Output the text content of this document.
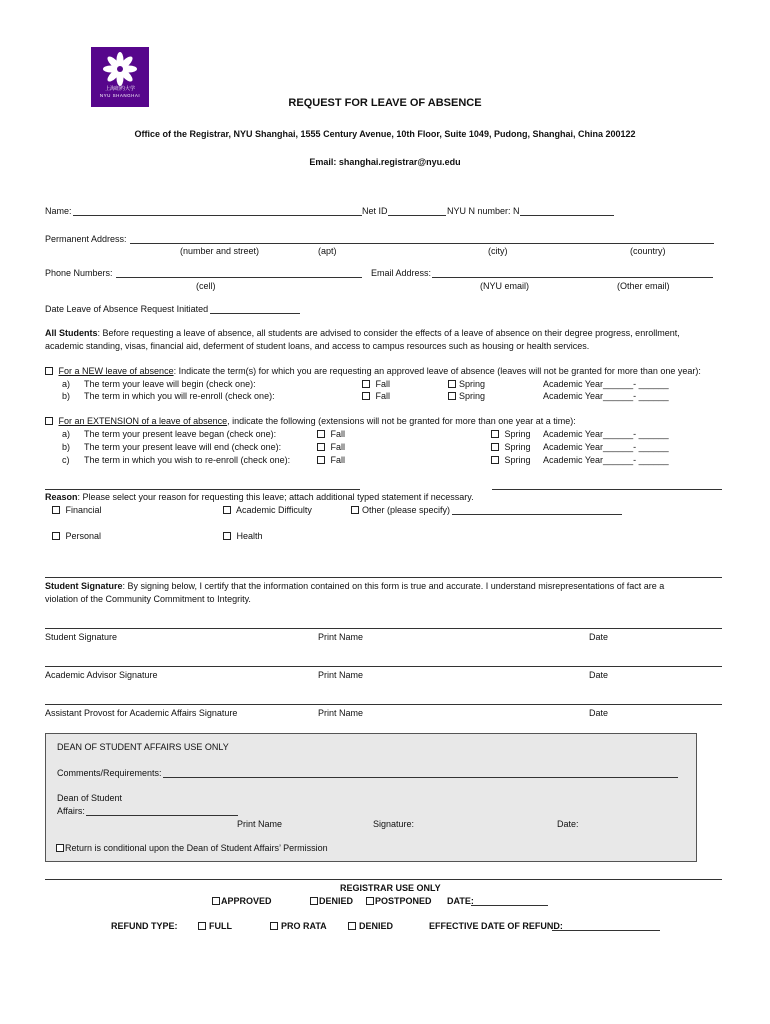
上海纽约大学
NYU SHANGHAI
REQUEST FOR LEAVE OF ABSENCE
Office of the Registrar, NYU Shanghai, 1555 Century Avenue, 10th Floor, Suite 1049, Pudong, Shanghai, China 200122
Email: shanghai.registrar@nyu.edu
Name:	Net ID	NYU N number: N
Permanent Address:
(number and street)	(apt)	(city)	(country)
Phone Numbers:	Email Address:
(cell)	(NYU email)	(Other email)
Date Leave of Absence Request Initiated
All Students: Before requesting a leave of absence, all students are advised to consider the effects of a leave of absence on their degree progress, enrollment,
academic standing, visas, financial aid, deferment of student loans, and access to campus resources such as housing or health services.
For a NEW leave of absence: Indicate the term(s) for which you are requesting an approved leave of absence (leaves will not be granted for more than one year):
a) The term your leave will begin (check one):	Fall	Spring	Academic Year______- ______
b) The term in which you will re-enroll (check one):	Fall	Spring	Academic Year______- ______
For an EXTENSION of a leave of absence, indicate the following (extensions will not be granted for more than one year at a time):
a) The term your present leave began (check one):	Fall	Spring Academic Year______- ______
b) The term your present leave will end (check one):	Fall	Spring Academic Year______- ______
c) The term in which you wish to re-enroll (check one):	Fall	Spring Academic Year______- ______
Reason: Please select your reason for requesting this leave; attach additional typed statement if necessary.
Financial	Academic Difficulty	Other (please specify)
Personal	Health
Student Signature: By signing below, I certify that the information contained on this form is true and accurate. I understand misrepresentations of fact are a
violation of the Community Commitment to Integrity.
Student Signature	Print Name	Date
Academic Advisor Signature	Print Name	Date
Assistant Provost for Academic Affairs Signature	Print Name	Date
DEAN OF STUDENT AFFAIRS USE ONLY
Comments/Requirements:
Dean of Student
Affairs:
Print Name	Signature:	Date:
Return is conditional upon the Dean of Student Affairs’ Permission
REGISTRAR USE ONLY
APPROVED	DENIED	POSTPONED DATE:
REFUND TYPE:	FULL	PRO RATA	DENIED	EFFECTIVE DATE OF REFUND:
